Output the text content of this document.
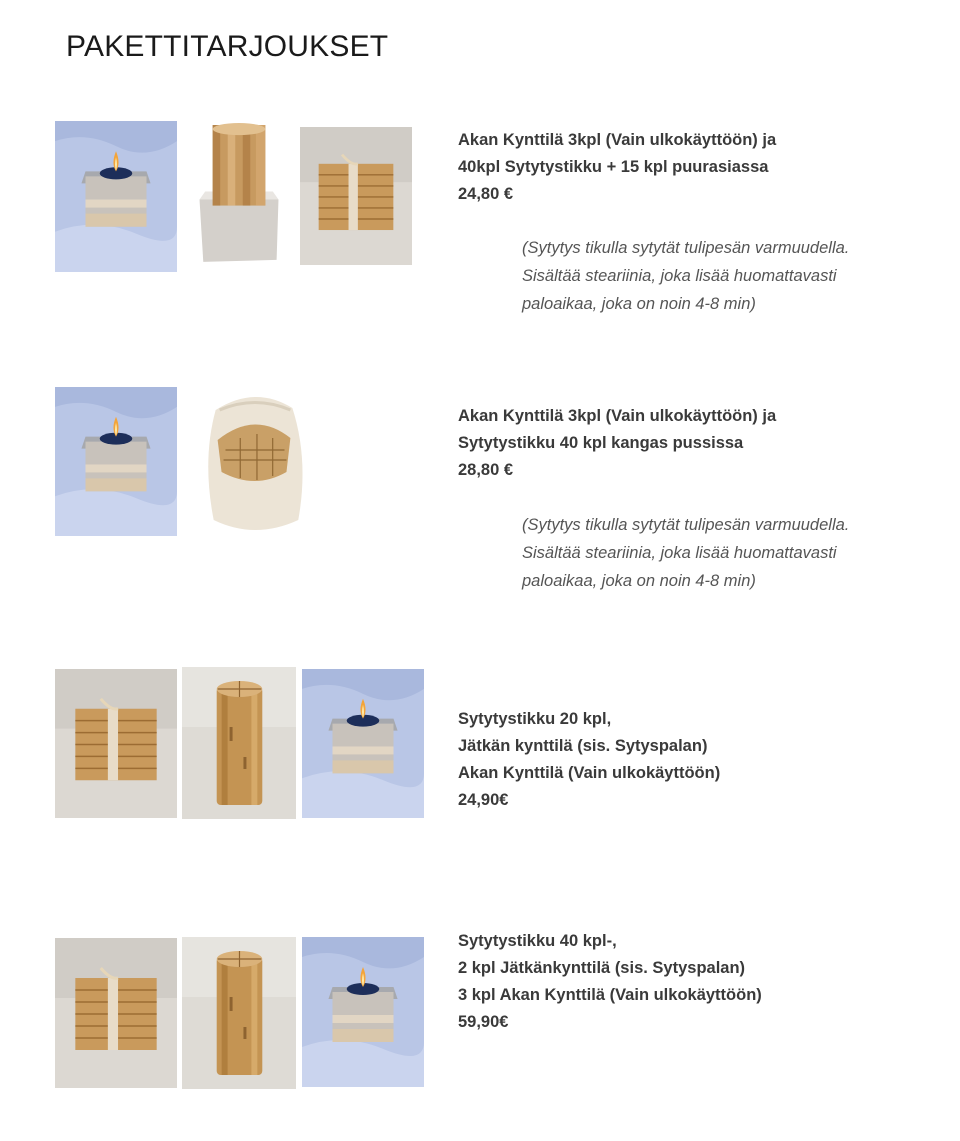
PAKETTITARJOUKSET
Akan Kynttilä 3kpl (Vain ulkokäyttöön) ja
40kpl Sytytystikku + 15 kpl puurasiassa
24,80 €
(Sytytys tikulla sytytät tulipesän varmuudella. Sisältää steariinia, joka lisää huomattavasti paloaikaa, joka on noin 4-8 min)
Akan Kynttilä 3kpl (Vain ulkokäyttöön) ja
Sytytystikku 40 kpl kangas pussissa
28,80 €
(Sytytys tikulla sytytät tulipesän varmuudella. Sisältää steariinia, joka lisää huomattavasti paloaikaa, joka on noin 4-8 min)
Sytytystikku 20 kpl,
Jätkän kynttilä (sis. Sytyspalan)
Akan Kynttilä (Vain ulkokäyttöön)
24,90€
Sytytystikku 40 kpl-,
2 kpl Jätkänkynttilä (sis. Sytyspalan)
3 kpl Akan Kynttilä (Vain ulkokäyttöön)
59,90€
